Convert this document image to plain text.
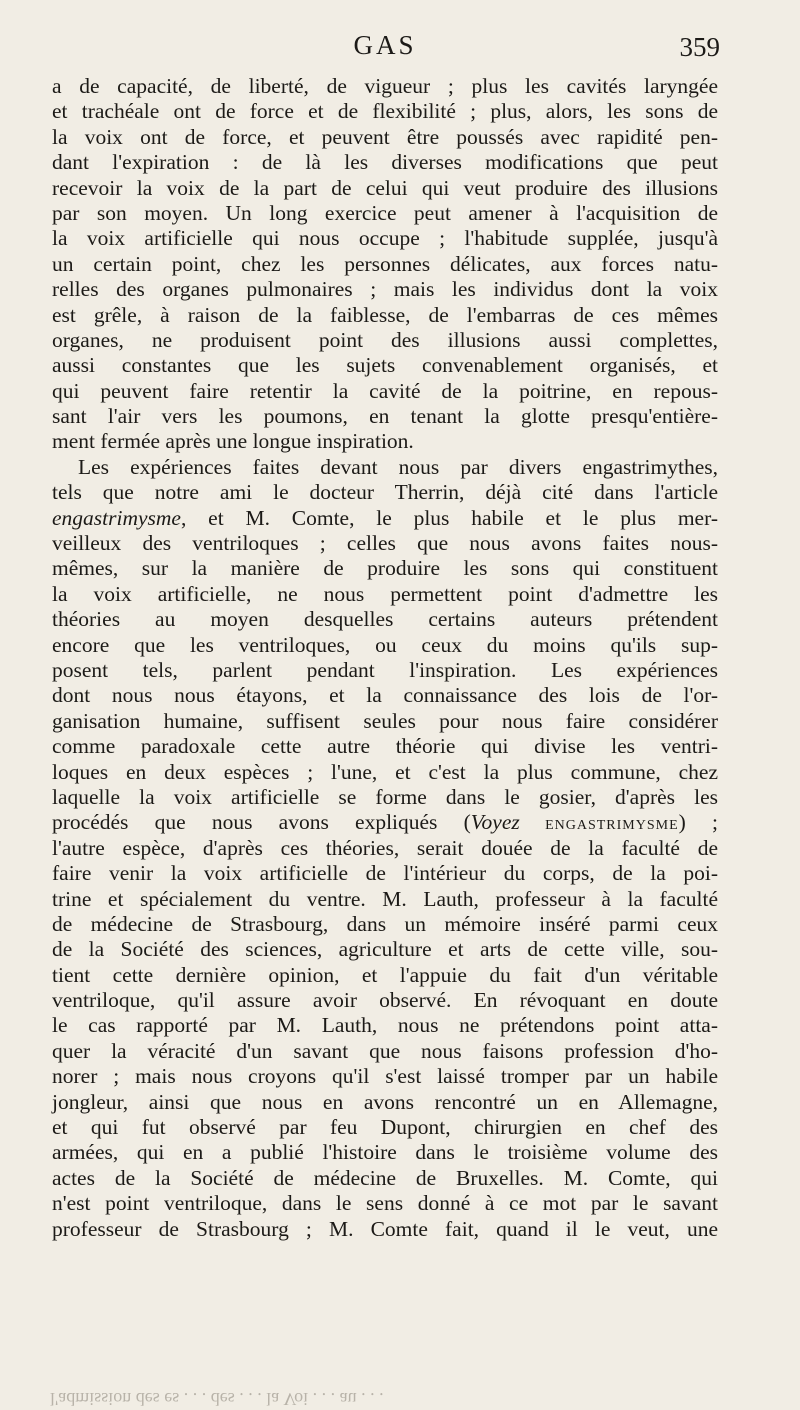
GAS	359
a de capacité, de liberté, de vigueur ; plus les cavités laryngée
et trachéale ont de force et de flexibilité ; plus, alors, les sons de
la voix ont de force, et peuvent être poussés avec rapidité pen-
dant l'expiration : de là les diverses modifications que peut
recevoir la voix de la part de celui qui veut produire des illusions
par son moyen. Un long exercice peut amener à l'acquisition de
la voix artificielle qui nous occupe ; l'habitude supplée, jusqu'à
un certain point, chez les personnes délicates, aux forces natu-
relles des organes pulmonaires ; mais les individus dont la voix
est grêle, à raison de la faiblesse, de l'embarras de ces mêmes
organes, ne produisent point des illusions aussi complettes,
aussi constantes que les sujets convenablement organisés, et
qui peuvent faire retentir la cavité de la poitrine, en repous-
sant l'air vers les poumons, en tenant la glotte presqu'entière-
ment fermée après une longue inspiration.
Les expériences faites devant nous par divers engastrimythes,
tels que notre ami le docteur Therrin, déjà cité dans l'article
engastrimysme, et M. Comte, le plus habile et le plus mer-
veilleux des ventriloques ; celles que nous avons faites nous-
mêmes, sur la manière de produire les sons qui constituent
la voix artificielle, ne nous permettent point d'admettre les
théories au moyen desquelles certains auteurs prétendent
encore que les ventriloques, ou ceux du moins qu'ils sup-
posent tels, parlent pendant l'inspiration. Les expériences
dont nous nous étayons, et la connaissance des lois de l'or-
ganisation humaine, suffisent seules pour nous faire considérer
comme paradoxale cette autre théorie qui divise les ventri-
loques en deux espèces ; l'une, et c'est la plus commune, chez
laquelle la voix artificielle se forme dans le gosier, d'après les
procédés que nous avons expliqués (Voyez ENGASTRIMYSME) ;
l'autre espèce, d'après ces théories, serait douée de la faculté de
faire venir la voix artificielle de l'intérieur du corps, de la poi-
trine et spécialement du ventre. M. Lauth, professeur à la faculté
de médecine de Strasbourg, dans un mémoire inséré parmi ceux
de la Société des sciences, agriculture et arts de cette ville, sou-
tient cette dernière opinion, et l'appuie du fait d'un véritable
ventriloque, qu'il assure avoir observé. En révoquant en doute
le cas rapporté par M. Lauth, nous ne prétendons point atta-
quer la véracité d'un savant que nous faisons profession d'ho-
norer ; mais nous croyons qu'il s'est laissé tromper par un habile
jongleur, ainsi que nous en avons rencontré un en Allemagne,
et qui fut observé par feu Dupont, chirurgien en chef des
armées, qui en a publié l'histoire dans le troisième volume des
actes de la Société de médecine de Bruxelles. M. Comte, qui
n'est point ventriloque, dans le sens donné à ce mot par le savant
professeur de Strasbourg ; M. Comte fait, quand il le veut, une
l'admission des es . . . des . . . la Voi . . . au . . .
